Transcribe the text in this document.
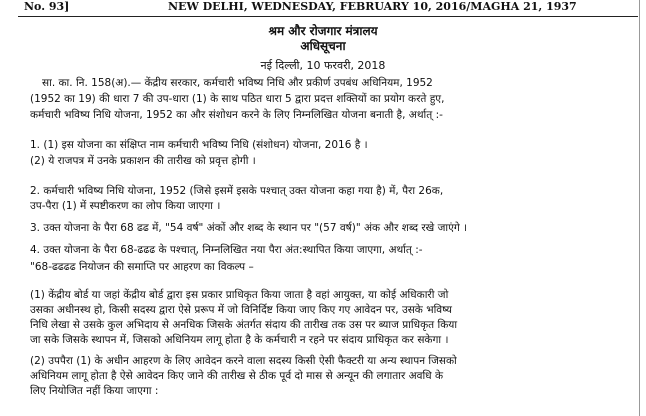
No. 93]	NEW DELHI, WEDNESDAY, FEBRUARY 10, 2016/MAGHA 21, 1937
श्रम और रोजगार मंत्रालय
अधिसूचना
नई दिल्ली, 10 फरवरी, 2018
सा. का. नि. 158(अ).— केंद्रीय सरकार, कर्मचारी भविष्य निधि और प्रकीर्ण उपबंध अधिनियम, 1952
(1952 का 19) की धारा 7 की उप-धारा (1) के साथ पठित धारा 5 द्वारा प्रदत्त शक्तियों का प्रयोग करते हुए,
कर्मचारी भविष्य निधि योजना, 1952 का और संशोधन करने के लिए निम्नलिखित योजना बनाती है, अर्थात् :-
1. (1) इस योजना का संक्षिप्त नाम कर्मचारी भविष्य निधि (संशोधन) योजना, 2016 है ।
(2) ये राजपत्र में उनके प्रकाशन की तारीख को प्रवृत्त होगी ।
2. कर्मचारी भविष्य निधि योजना, 1952 (जिसे इसमें इसके पश्चात् उक्त योजना कहा गया है) में, पैरा 26क,
उप-पैरा (1) में स्पष्टीकरण का लोप किया जाएगा ।
3. उक्त योजना के पैरा 68 ढढ में, "54 वर्ष" अंकों और शब्द के स्थान पर "(57 वर्ष)" अंक और शब्द रखे जाएंगे ।
4. उक्त योजना के पैरा 68-ढढढ के पश्चात्, निम्नलिखित नया पैरा अंत:स्थापित किया जाएगा, अर्थात् :-
"68-ढढढढ नियोजन की समाप्ति पर आहरण का विकल्प –
(1) केंद्रीय बोर्ड या जहां केंद्रीय बोर्ड द्वारा इस प्रकार प्राधिकृत किया जाता है वहां आयुक्त, या कोई अधिकारी जो
उसका अधीनस्थ हो, किसी सदस्य द्वारा ऐसे प्ररूप में जो विनिर्दिष्ट किया जाए किए गए आवेदन पर, उसके भविष्य
निधि लेखा से उसके कुल अभिदाय से अनधिक जिसके अंतर्गत संदाय की तारीख तक उस पर ब्याज प्राधिकृत किया
जा सके जिसके स्थापन में, जिसको अधिनियम लागू होता है के कर्मचारी न रहने पर संदाय प्राधिकृत कर सकेगा ।
(2) उपपैरा (1) के अधीन आहरण के लिए आवेदन करने वाला सदस्य किसी ऐसी फैक्टरी या अन्य स्थापन जिसको
अधिनियम लागू होता है ऐसे आवेदन किए जाने की तारीख से ठीक पूर्व दो मास से अन्यून की लगातार अवधि के
लिए नियोजित नहीं किया जाएगा :
